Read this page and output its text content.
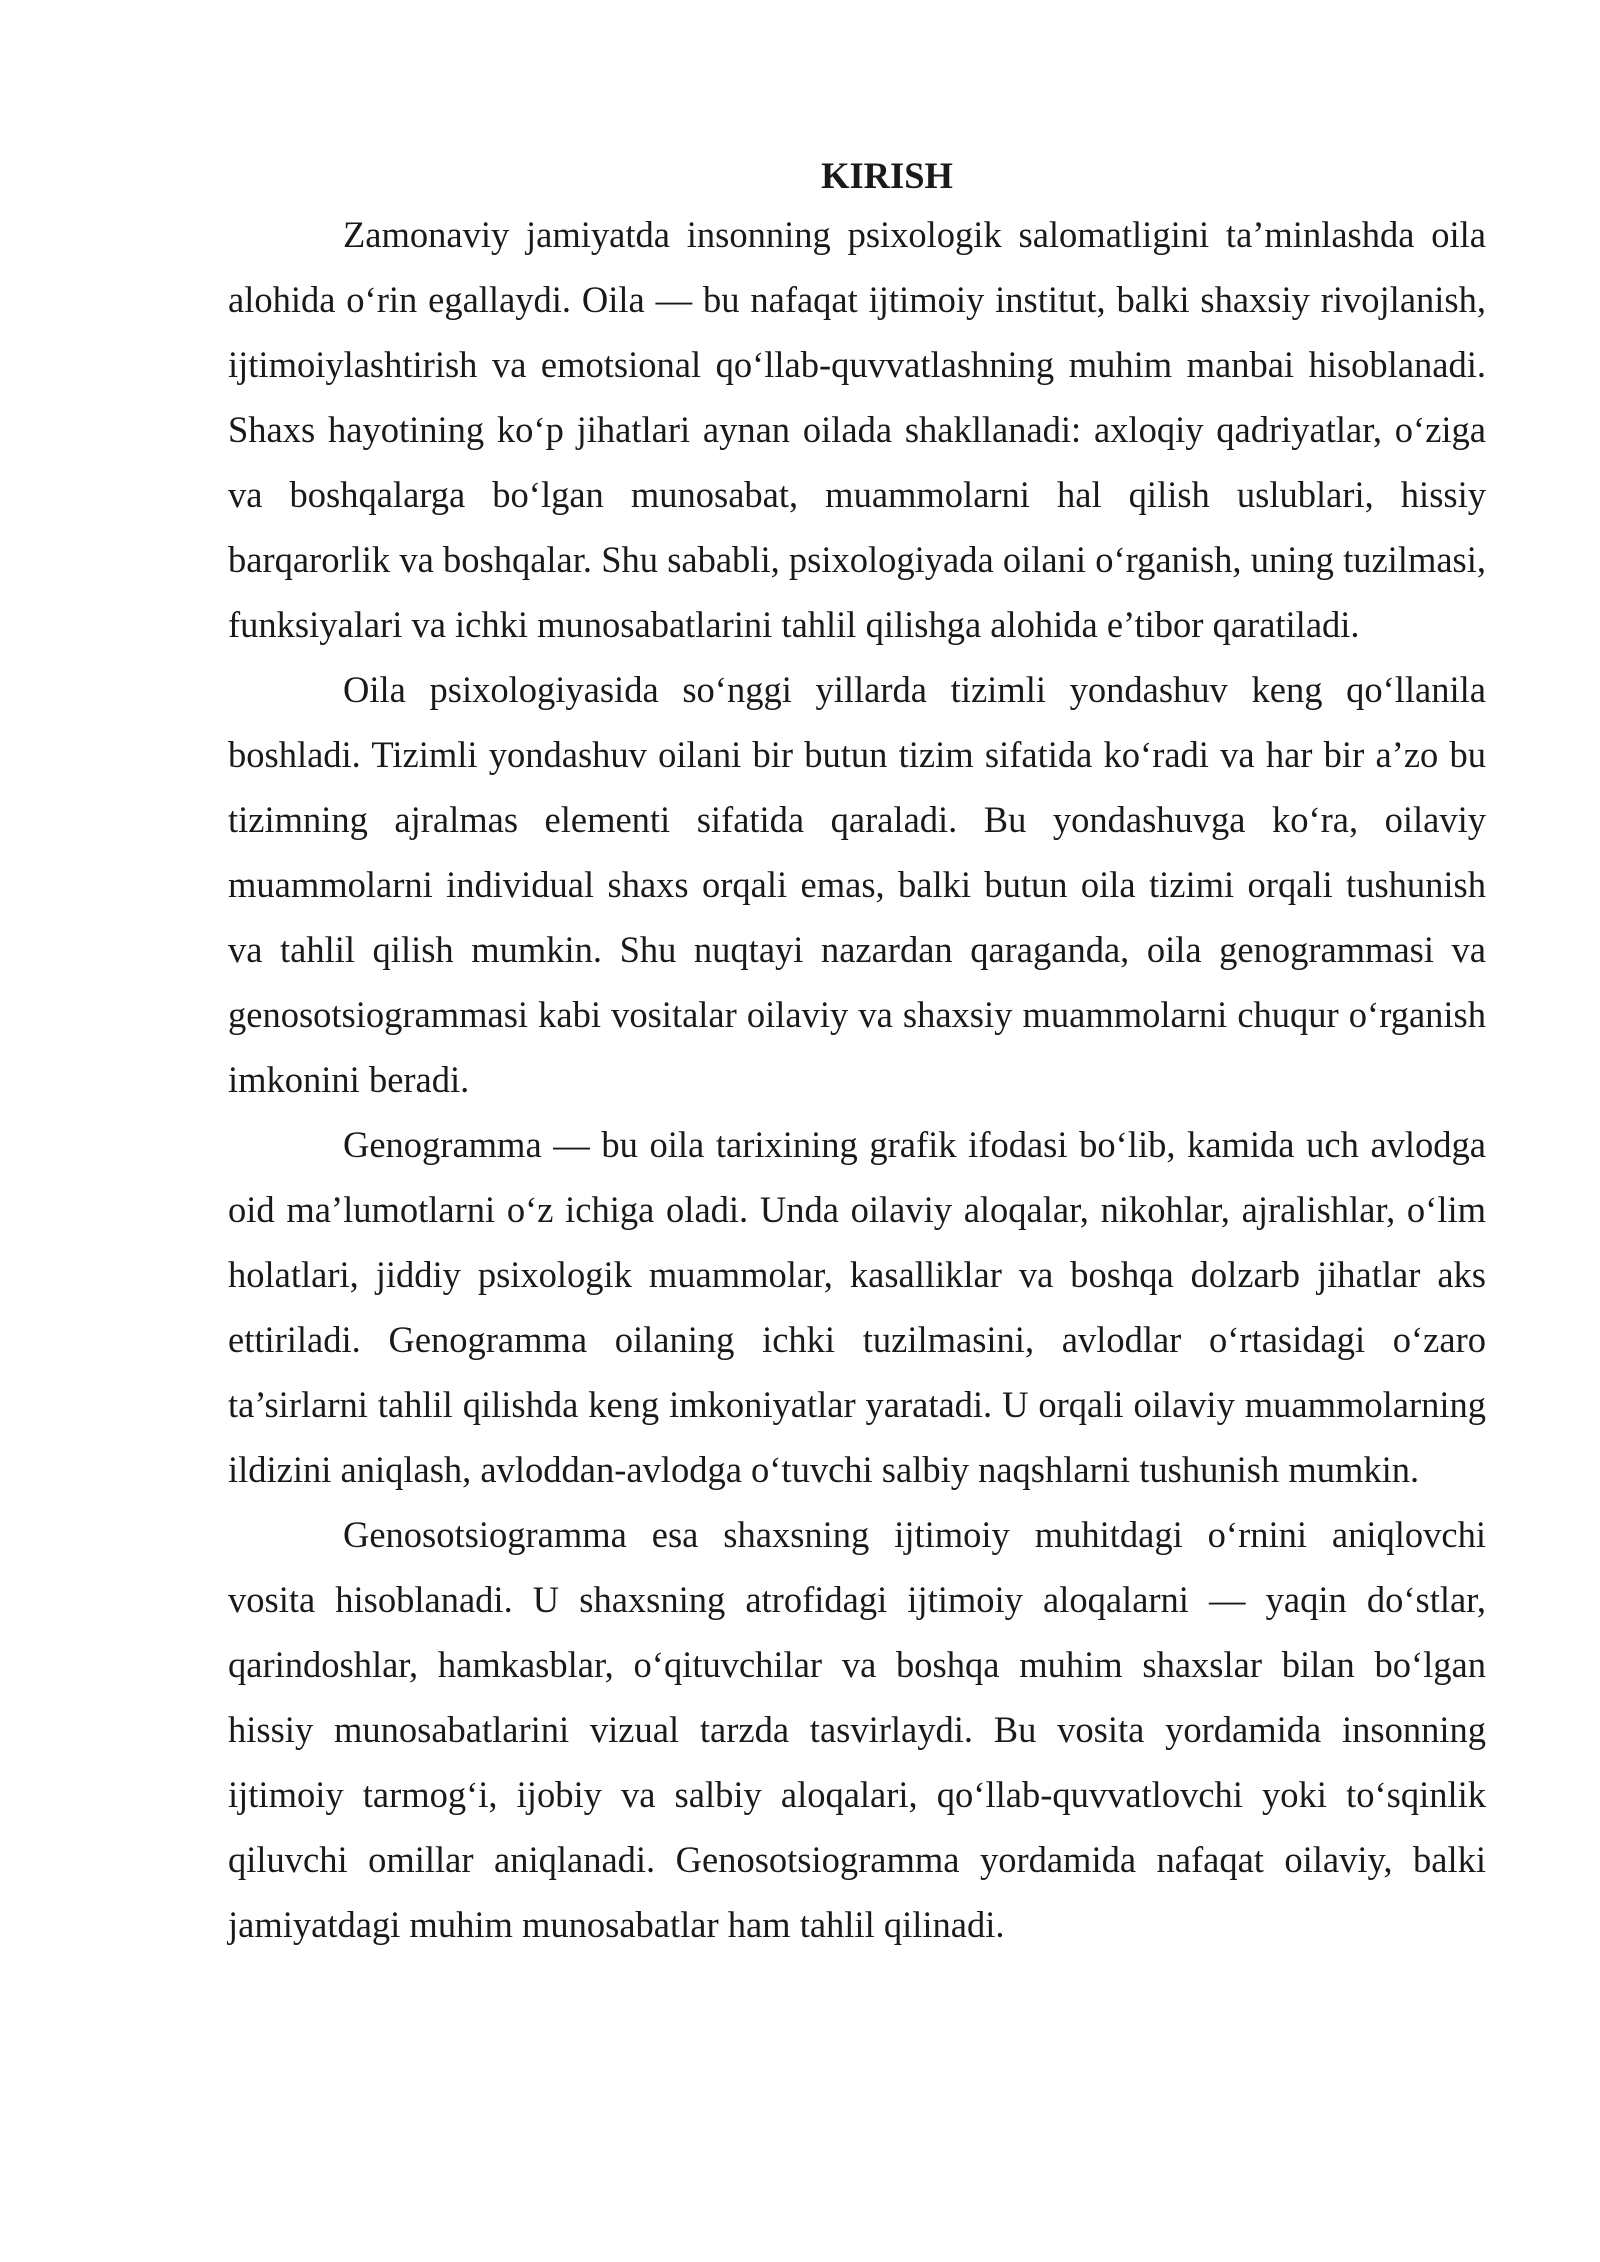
KIRISH

Zamonaviy jamiyatda insonning psixologik salomatligini ta’minlashda oila alohida o‘rin egallaydi. Oila — bu nafaqat ijtimoiy institut, balki shaxsiy rivojlanish, ijtimoiylashtirish va emotsional qo‘llab-quvvatlashning muhim manbai hisoblanadi. Shaxs hayotining ko‘p jihatlari aynan oilada shakllanadi: axloqiy qadriyatlar, o‘ziga va boshqalarga bo‘lgan munosabat, muammolarni hal qilish uslublari, hissiy barqarorlik va boshqalar. Shu sababli, psixologiyada oilani o‘rganish, uning tuzilmasi, funksiyalari va ichki munosabatlarini tahlil qilishga alohida e’tibor qaratiladi.

Oila psixologiyasida so‘nggi yillarda tizimli yondashuv keng qo‘llanila boshladi. Tizimli yondashuv oilani bir butun tizim sifatida ko‘radi va har bir a’zo bu tizimning ajralmas elementi sifatida qaraladi. Bu yondashuvga ko‘ra, oilaviy muammolarni individual shaxs orqali emas, balki butun oila tizimi orqali tushunish va tahlil qilish mumkin. Shu nuqtayi nazardan qaraganda, oila genogrammasi va genosotsiogrammasi kabi vositalar oilaviy va shaxsiy muammolarni chuqur o‘rganish imkonini beradi.

Genogramma — bu oila tarixining grafik ifodasi bo‘lib, kamida uch avlodga oid ma’lumotlarni o‘z ichiga oladi. Unda oilaviy aloqalar, nikohlar, ajralishlar, o‘lim holatlari, jiddiy psixologik muammolar, kasalliklar va boshqa dolzarb jihatlar aks ettiriladi. Genogramma oilaning ichki tuzilmasini, avlodlar o‘rtasidagi o‘zaro ta’sirlarni tahlil qilishda keng imkoniyatlar yaratadi. U orqali oilaviy muammolarning ildizini aniqlash, avloddan-avlodga o‘tuvchi salbiy naqshlarni tushunish mumkin.

Genosotsiogramma esa shaxsning ijtimoiy muhitdagi o‘rnini aniqlovchi vosita hisoblanadi. U shaxsning atrofidagi ijtimoiy aloqalarni — yaqin do‘stlar, qarindoshlar, hamkasblar, o‘qituvchilar va boshqa muhim shaxslar bilan bo‘lgan hissiy munosabatlarini vizual tarzda tasvirlaydi. Bu vosita yordamida insonning ijtimoiy tarmog‘i, ijobiy va salbiy aloqalari, qo‘llab-quvvatlovchi yoki to‘sqinlik qiluvchi omillar aniqlanadi. Genosotsiogramma yordamida nafaqat oilaviy, balki jamiyatdagi muhim munosabatlar ham tahlil qilinadi.
